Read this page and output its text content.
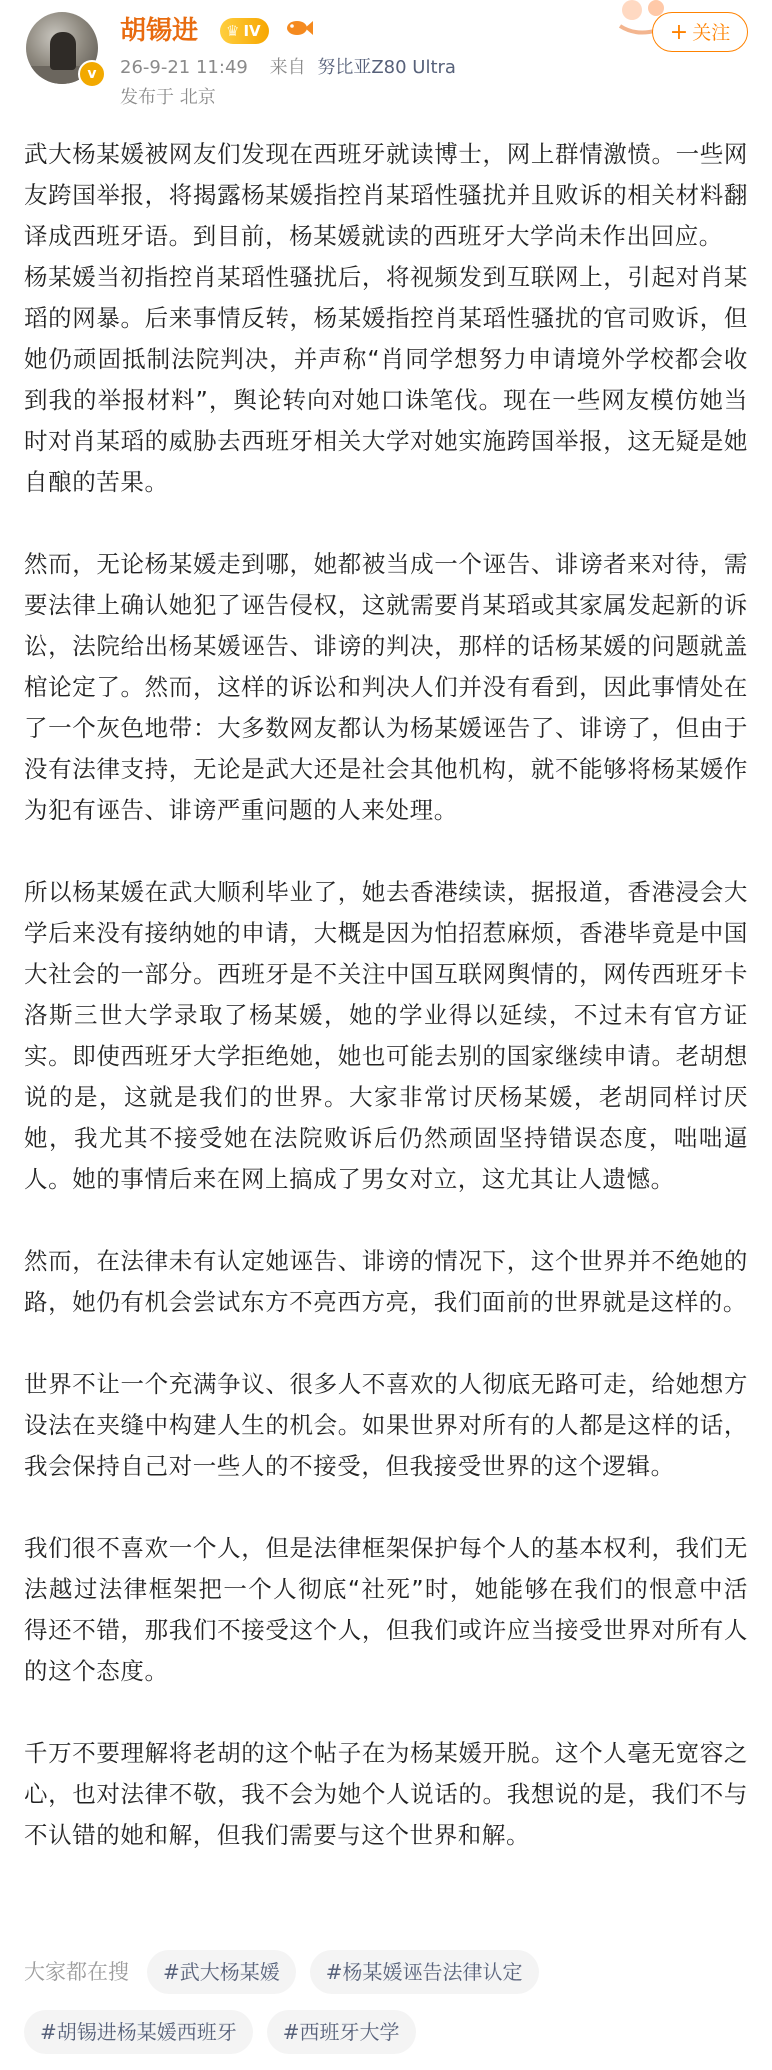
v
胡锡进 ♛ IV
26-9-21 11:49 来自 努比亚Z80 Ultra
发布于 北京
+ 关注

武大杨某媛被网友们发现在西班牙就读博士，网上群情激愤。一些网友跨国举报，将揭露杨某媛指控肖某瑫性骚扰并且败诉的相关材料翻译成西班牙语。到目前，杨某媛就读的西班牙大学尚未作出回应。

杨某媛当初指控肖某瑫性骚扰后，将视频发到互联网上，引起对肖某瑫的网暴。后来事情反转，杨某媛指控肖某瑫性骚扰的官司败诉，但她仍顽固抵制法院判决，并声称“肖同学想努力申请境外学校都会收到我的举报材料”，舆论转向对她口诛笔伐。现在一些网友模仿她当时对肖某瑫的威胁去西班牙相关大学对她实施跨国举报，这无疑是她自酿的苦果。

然而，无论杨某媛走到哪，她都被当成一个诬告、诽谤者来对待，需要法律上确认她犯了诬告侵权，这就需要肖某瑫或其家属发起新的诉讼，法院给出杨某媛诬告、诽谤的判决，那样的话杨某媛的问题就盖棺论定了。然而，这样的诉讼和判决人们并没有看到，因此事情处在了一个灰色地带：大多数网友都认为杨某媛诬告了、诽谤了，但由于没有法律支持，无论是武大还是社会其他机构，就不能够将杨某媛作为犯有诬告、诽谤严重问题的人来处理。

所以杨某媛在武大顺利毕业了，她去香港续读，据报道，香港浸会大学后来没有接纳她的申请，大概是因为怕招惹麻烦，香港毕竟是中国大社会的一部分。西班牙是不关注中国互联网舆情的，网传西班牙卡洛斯三世大学录取了杨某媛，她的学业得以延续，不过未有官方证实。即使西班牙大学拒绝她，她也可能去别的国家继续申请。老胡想说的是，这就是我们的世界。大家非常讨厌杨某媛，老胡同样讨厌她，我尤其不接受她在法院败诉后仍然顽固坚持错误态度，咄咄逼人。她的事情后来在网上搞成了男女对立，这尤其让人遗憾。

然而，在法律未有认定她诬告、诽谤的情况下，这个世界并不绝她的路，她仍有机会尝试东方不亮西方亮，我们面前的世界就是这样的。

世界不让一个充满争议、很多人不喜欢的人彻底无路可走，给她想方设法在夹缝中构建人生的机会。如果世界对所有的人都是这样的话，我会保持自己对一些人的不接受，但我接受世界的这个逻辑。

我们很不喜欢一个人，但是法律框架保护每个人的基本权利，我们无法越过法律框架把一个人彻底“社死”时，她能够在我们的恨意中活得还不错，那我们不接受这个人，但我们或许应当接受世界对所有人的这个态度。

千万不要理解将老胡的这个帖子在为杨某媛开脱。这个人毫无宽容之心，也对法律不敬，我不会为她个人说话的。我想说的是，我们不与不认错的她和解，但我们需要与这个世界和解。

大家都在搜	#武大杨某媛	#杨某媛诬告法律认定
#胡锡进杨某媛西班牙	#西班牙大学
